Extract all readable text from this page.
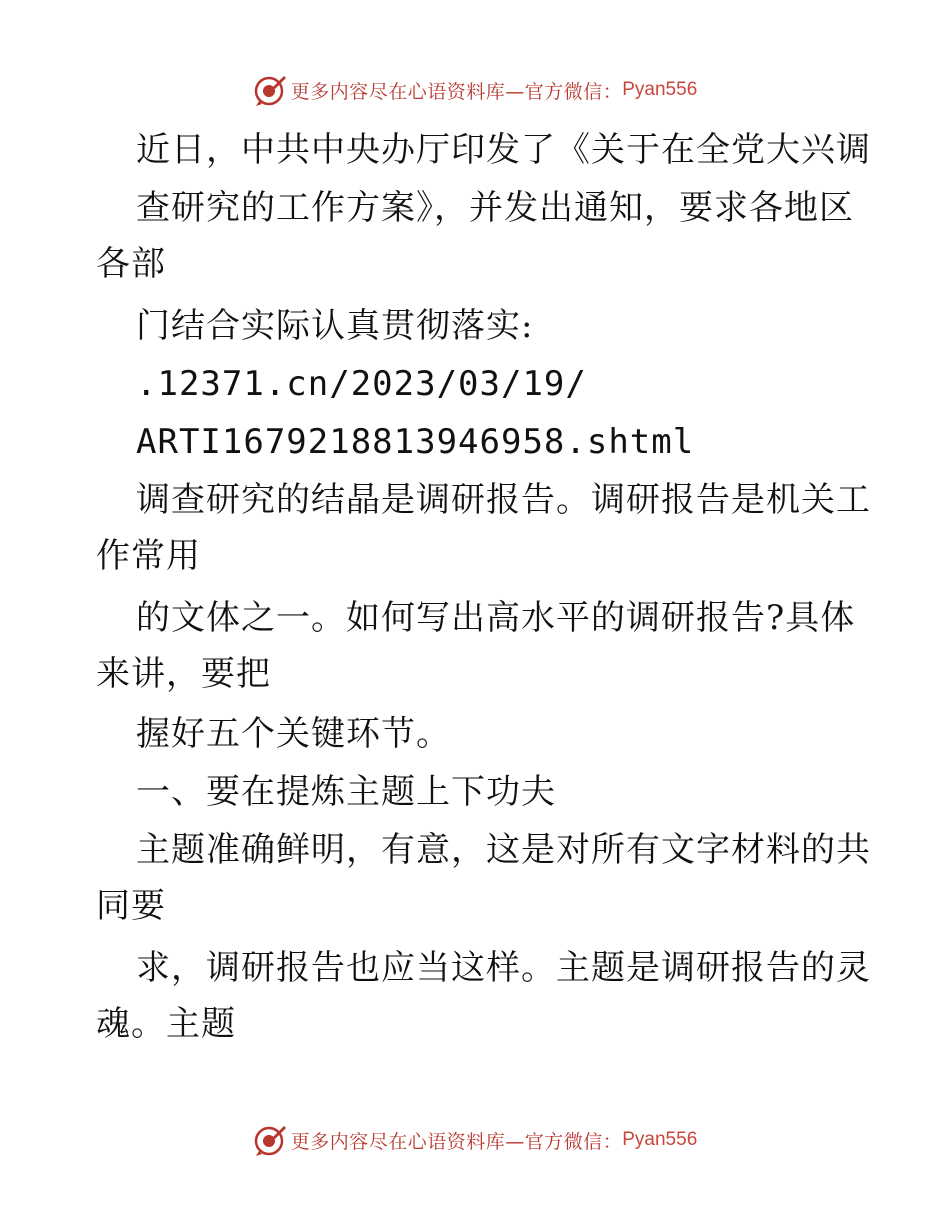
更多内容尽在心语资料库—官方微信： Pyan556
近日，中共中央办厅印发了《关于在全党大兴调
查研究的工作方案》，并发出通知，要求各地区
各部
门结合实际认真贯彻落实:
.12371.cn/2023/03/19/
ARTI1679218813946958.shtml
调查研究的结晶是调研报告。调研报告是机关工
作常用
的文体之一。如何写出高水平的调研报告?具体
来讲，要把
握好五个关键环节。
一、要在提炼主题上下功夫
主题准确鲜明，有意，这是对所有文字材料的共
同要
求，调研报告也应当这样。主题是调研报告的灵
魂。主题
更多内容尽在心语资料库—官方微信： Pyan556
